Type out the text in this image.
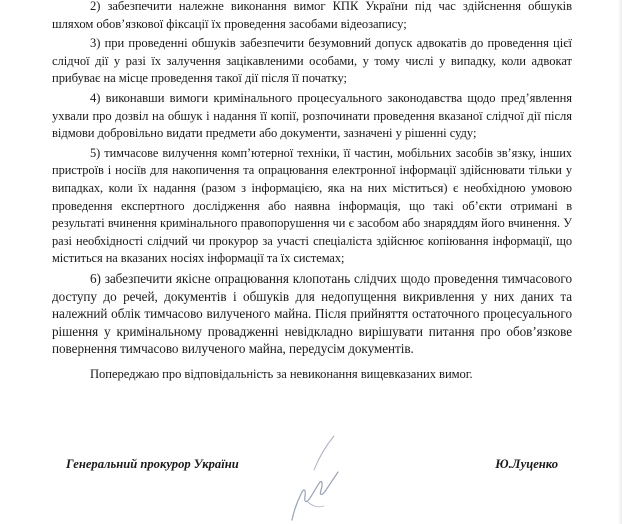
2) забезпечити належне виконання вимог КПК України під час здійснення обшуків шляхом обов’язкової фіксації їх проведення засобами відеозапису;

3) при проведенні обшуків забезпечити безумовний допуск адвокатів до проведення цієї слідчої дії у разі їх залучення зацікавленими особами, у тому числі у випадку, коли адвокат прибуває на місце проведення такої дії після її початку;

4) виконавши вимоги кримінального процесуального законодавства щодо пред’явлення ухвали про дозвіл на обшук і надання її копії, розпочинати проведення вказаної слідчої дії після відмови добровільно видати предмети або документи, зазначені у рішенні суду;

5) тимчасове вилучення комп’ютерної техніки, її частин, мобільних засобів зв’язку, інших пристроїв і носіїв для накопичення та опрацювання електронної інформації здійснювати тільки у випадках, коли їх надання (разом з інформацією, яка на них міститься) є необхідною умовою проведення експертного дослідження або наявна інформація, що такі об’єкти отримані в результаті вчинення кримінального правопорушення чи є засобом або знаряддям його вчинення. У разі необхідності слідчий чи прокурор за участі спеціаліста здійснює копіювання інформації, що міститься на вказаних носіях інформації та їх системах;

6) забезпечити якісне опрацювання клопотань слідчих щодо проведення тимчасового доступу до речей, документів і обшуків для недопущення викривлення у них даних та належний облік тимчасово вилученого майна. Після прийняття остаточного процесуального рішення у кримінальному провадженні невідкладно вирішувати питання про обов’язкове повернення тимчасово вилученого майна, передусім документів.

Попереджаю про відповідальність за невиконання вищевказаних вимог.

Генеральний прокурор України	Ю.Луценко
